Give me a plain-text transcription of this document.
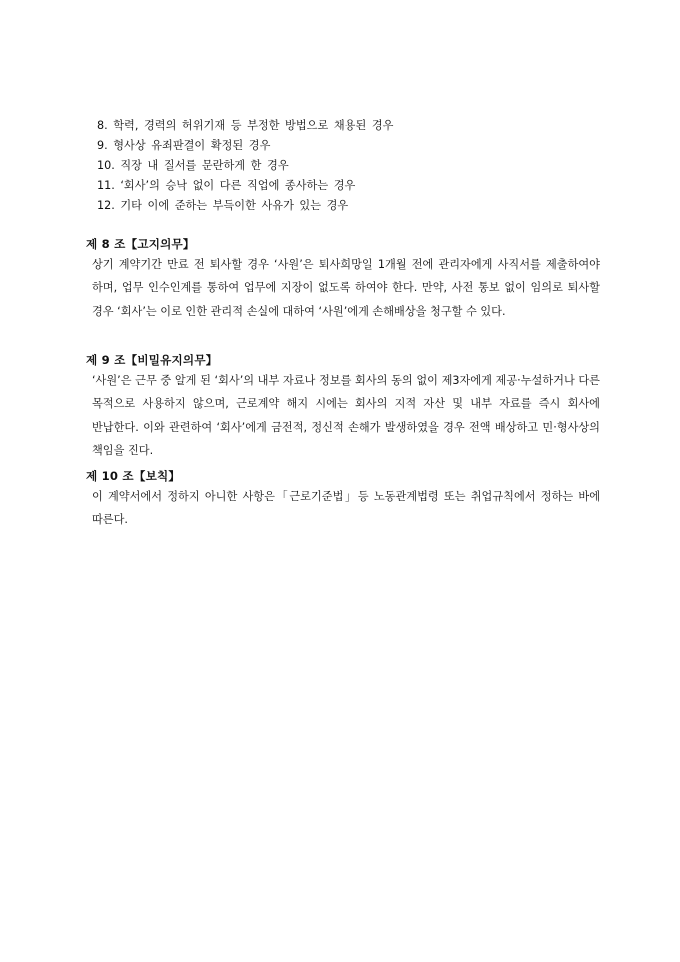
8. 학력, 경력의 허위기재 등 부정한 방법으로 채용된 경우
9. 형사상 유죄판결이 확정된 경우
10. 직장 내 질서를 문란하게 한 경우
11. ‘회사’의 승낙 없이 다른 직업에 종사하는 경우
12. 기타 이에 준하는 부득이한 사유가 있는 경우
제 8 조【고지의무】
상기 계약기간 만료 전 퇴사할 경우 ‘사원’은 퇴사희망일 1개월 전에 관리자에게 사직서를 제출하여야 하며, 업무 인수인계를 통하여 업무에 지장이 없도록 하여야 한다. 만약, 사전 통보 없이 임의로 퇴사할 경우 ‘회사’는 이로 인한 관리적 손실에 대하여 ‘사원’에게 손해배상을 청구할 수 있다.
제 9 조【비밀유지의무】
‘사원’은 근무 중 알게 된 ‘회사’의 내부 자료나 정보를 회사의 동의 없이 제3자에게 제공·누설하거나 다른 목적으로 사용하지 않으며, 근로계약 해지 시에는 회사의 지적 자산 및 내부 자료를 즉시 회사에 반납한다. 이와 관련하여 ‘회사’에게 금전적, 정신적 손해가 발생하였을 경우 전액 배상하고 민·형사상의 책임을 진다.
제 10 조【보칙】
이 계약서에서 정하지 아니한 사항은「근로기준법」등 노동관계법령 또는 취업규칙에서 정하는 바에 따른다.
